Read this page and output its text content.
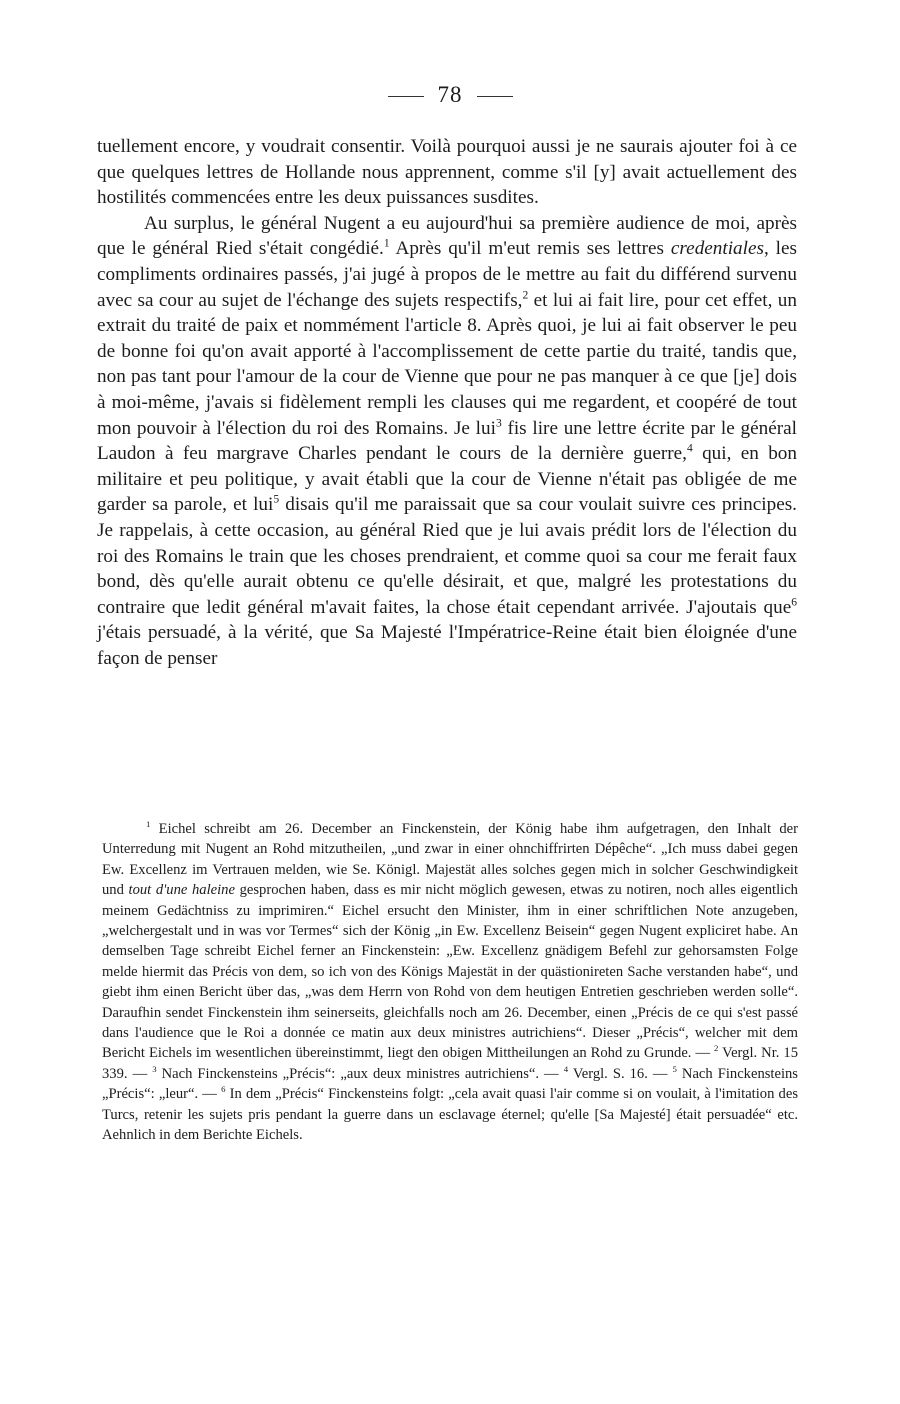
78

tuellement encore, y voudrait consentir. Voilà pourquoi aussi je ne saurais ajouter foi à ce que quelques lettres de Hollande nous apprennent, comme s'il [y] avait actuellement des hostilités commencées entre les deux puissances susdites.

Au surplus, le général Nugent a eu aujourd'hui sa première audience de moi, après que le général Ried s'était congédié.$^1$ Après qu'il m'eut remis ses lettres credentiales, les compliments ordinaires passés, j'ai jugé à propos de le mettre au fait du différend survenu avec sa cour au sujet de l'échange des sujets respectifs,$^2$ et lui ai fait lire, pour cet effet, un extrait du traité de paix et nommément l'article 8. Après quoi, je lui ai fait observer le peu de bonne foi qu'on avait apporté à l'accomplissement de cette partie du traité, tandis que, non pas tant pour l'amour de la cour de Vienne que pour ne pas manquer à ce que [je] dois à moi-même, j'avais si fidèlement rempli les clauses qui me regardent, et coopéré de tout mon pouvoir à l'élection du roi des Romains. Je lui$^3$ fis lire une lettre écrite par le général Laudon à feu margrave Charles pendant le cours de la dernière guerre,$^4$ qui, en bon militaire et peu politique, y avait établi que la cour de Vienne n'était pas obligée de me garder sa parole, et lui$^5$ disais qu'il me paraissait que sa cour voulait suivre ces principes. Je rappelais, à cette occasion, au général Ried que je lui avais prédit lors de l'élection du roi des Romains le train que les choses prendraient, et comme quoi sa cour me ferait faux bond, dès qu'elle aurait obtenu ce qu'elle désirait, et que, malgré les protestations du contraire que ledit général m'avait faites, la chose était cependant arrivée. J'ajoutais que$^6$ j'étais persuadé, à la vérité, que Sa Majesté l'Impératrice-Reine était bien éloignée d'une façon de penser

$^1$ Eichel schreibt am 26. December an Finckenstein, der König habe ihm aufgetragen, den Inhalt der Unterredung mit Nugent an Rohd mitzutheilen, „und zwar in einer ohnchiffrirten Dépêche“. „Ich muss dabei gegen Ew. Excellenz im Vertrauen melden, wie Se. Königl. Majestät alles solches gegen mich in solcher Geschwindigkeit und tout d'une haleine gesprochen haben, dass es mir nicht möglich gewesen, etwas zu notiren, noch alles eigentlich meinem Gedächtniss zu imprimiren.“ Eichel ersucht den Minister, ihm in einer schriftlichen Note anzugeben, „welchergestalt und in was vor Termes“ sich der König „in Ew. Excellenz Beisein“ gegen Nugent expliciret habe. An demselben Tage schreibt Eichel ferner an Finckenstein: „Ew. Excellenz gnädigem Befehl zur gehorsamsten Folge melde hiermit das Précis von dem, so ich von des Königs Majestät in der quästionireten Sache verstanden habe“, und giebt ihm einen Bericht über das, „was dem Herrn von Rohd von dem heutigen Entretien geschrieben werden solle“. Daraufhin sendet Finckenstein ihm seinerseits, gleichfalls noch am 26. December, einen „Précis de ce qui s'est passé dans l'audience que le Roi a donnée ce matin aux deux ministres autrichiens“. Dieser „Précis“, welcher mit dem Bericht Eichels im wesentlichen übereinstimmt, liegt den obigen Mittheilungen an Rohd zu Grunde. — $^2$ Vergl. Nr. 15 339. — $^3$ Nach Finckensteins „Précis“: „aux deux ministres autrichiens“. — $^4$ Vergl. S. 16. — $^5$ Nach Finckensteins „Précis“: „leur“. — $^6$ In dem „Précis“ Finckensteins folgt: „cela avait quasi l'air comme si on voulait, à l'imitation des Turcs, retenir les sujets pris pendant la guerre dans un esclavage éternel; qu'elle [Sa Majesté] était persuadée“ etc. Aehnlich in dem Berichte Eichels.
